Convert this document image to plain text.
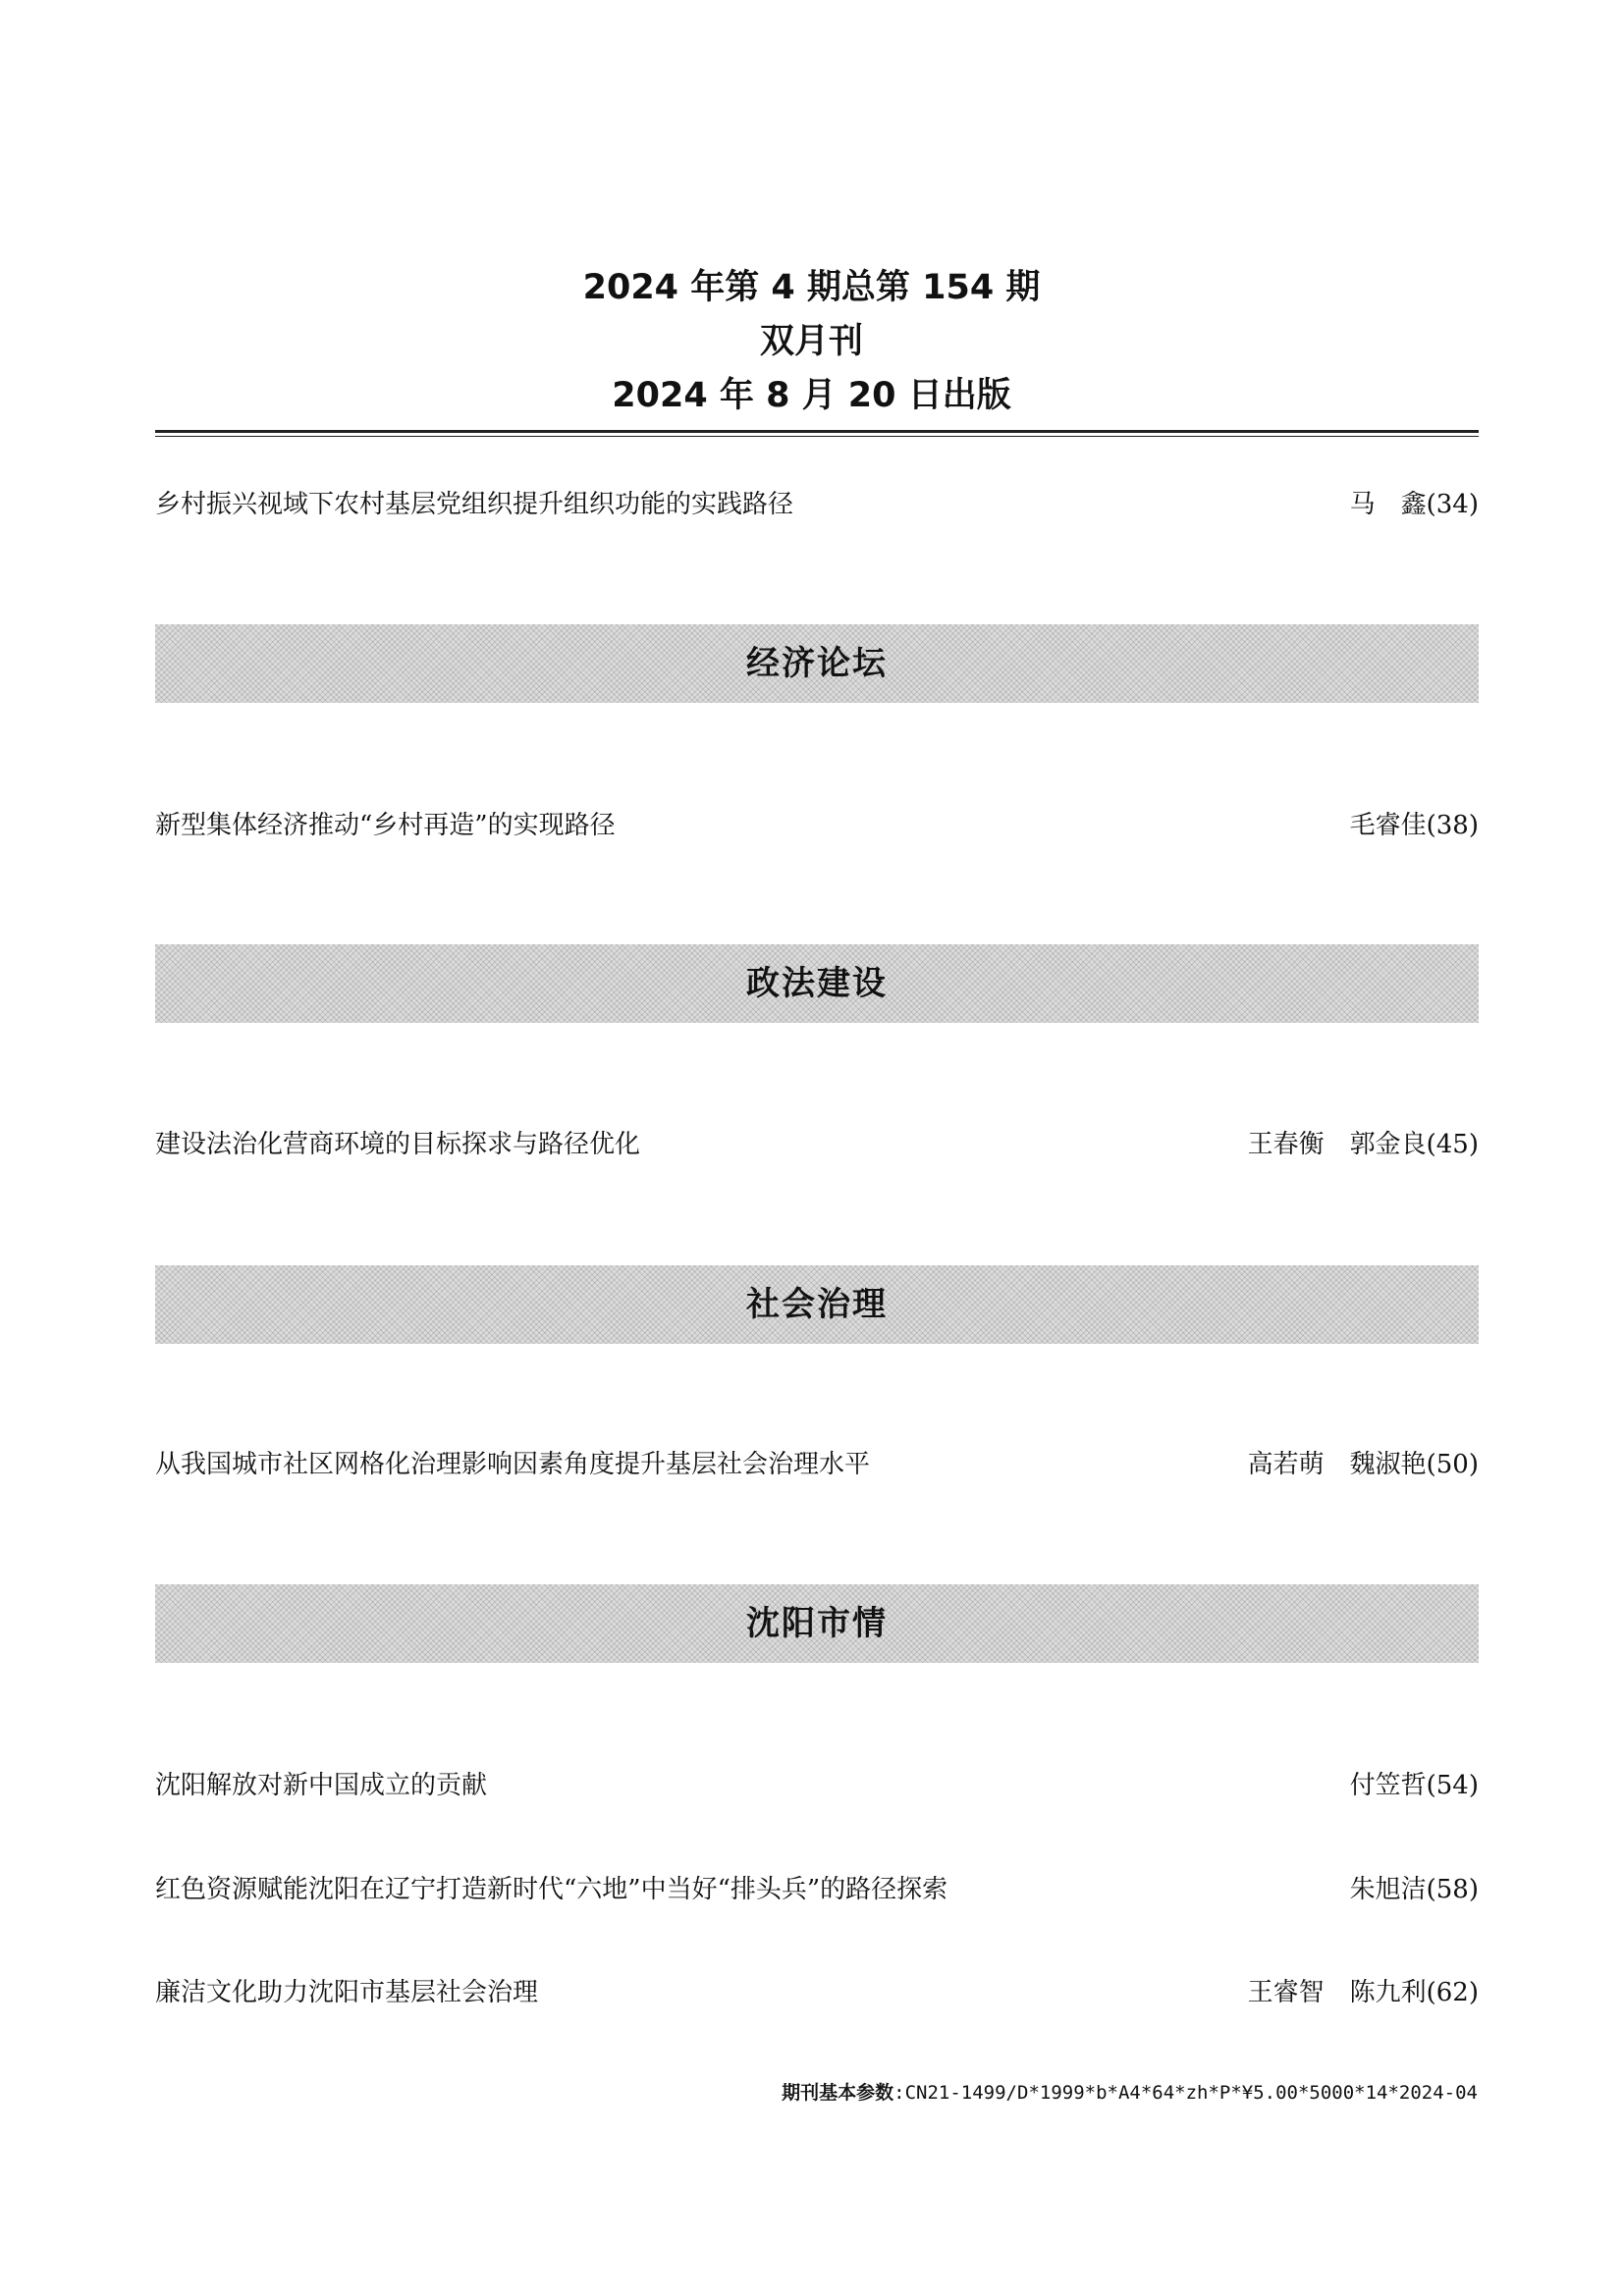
2024 年第 4 期总第 154 期
双月刊
2024 年 8 月 20 日出版
乡村振兴视域下农村基层党组织提升组织功能的实践路径	马　鑫(34)
经济论坛
新型集体经济推动“乡村再造”的实现路径	毛睿佳(38)
政法建设
建设法治化营商环境的目标探求与路径优化	王春衡　郭金良(45)
社会治理
从我国城市社区网格化治理影响因素角度提升基层社会治理水平	高若萌　魏淑艳(50)
沈阳市情
沈阳解放对新中国成立的贡献	付笠哲(54)
红色资源赋能沈阳在辽宁打造新时代“六地”中当好“排头兵”的路径探索	朱旭洁(58)
廉洁文化助力沈阳市基层社会治理	王睿智　陈九利(62)
期刊基本参数:CN21-1499/D*1999*b*A4*64*zh*P*¥5.00*5000*14*2024-04
